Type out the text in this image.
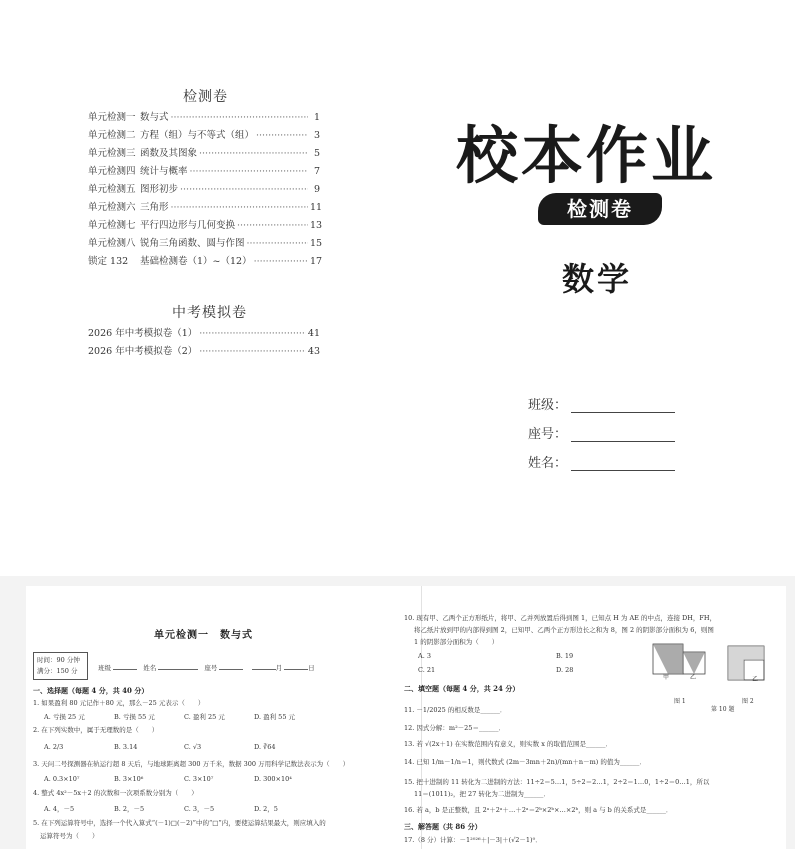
检测卷
单元检测一 数与式 ·····	1
单元检测二 方程（组）与不等式（组） ·····	3
单元检测三 函数及其图象 ·····	5
单元检测四 统计与概率 ·····	7
单元检测五 图形初步 ·····	9
单元检测六 三角形 ·····	11
单元检测七 平行四边形与几何变换 ·····	13
单元检测八 锐角三角函数、圆与作图 ·····	15
锁定 132	基础检测卷（1）~（12） ·····	17
中考模拟卷
2026 年中考模拟卷（1） ·····	41
2026 年中考模拟卷（2） ·····	43
校本作业
检测卷
数学
班级：
座号：
姓名：
单元检测一　数与式
时间：90 分钟
满分：150 分	班级	姓名	座号	月	日
一、选择题（每题 4 分，共 40 分）
1. 如果盈利 80 元记作＋80 元，那么－25 元表示（　　）
A. 亏损 25 元	B. 亏损 55 元	C. 盈利 25 元	D. 盈利 55 元
2. 在下列实数中，属于无理数的是（　　）
A. 2/3	B. 3.14	C. √3	D. ∛64
3. 天问二号探测器在轨运行超 8 天后，与地球距离超 300 万千米，数据 300 万用科学记数法表示为（　　）
A. 0.3×10⁷	B. 3×10⁶	C. 3×10⁷	D. 300×10⁴
4. 整式 4x²－5x＋2 的次数和一次项系数分别为（　　）
A. 4，－5	B. 2，－5	C. 3，－5	D. 2，5
5. 在下列运算符号中，选择一个代入算式“(－1)□(－2)”中的“□”内，要使运算结果最大，则应填入的
运算符号为（　　）
10. 现有甲、乙两个正方形纸片，将甲、乙并列放置后得到图 1，已知点 H 为 AE 的中点，连接 DH，FH，
将乙纸片放到甲的内部得到图 2，已知甲、乙两个正方形边长之和为 8，图 2 的阴影部分面积为 6，则图
1 的阴影部分面积为（　　）
A. 3	B. 19
C. 21	D. 28
甲	乙
图 1
乙
图 2
第 10 题
二、填空题（每题 4 分，共 24 分）
11. －1/2025 的相反数是______．
12. 因式分解：m²－25＝______．
13. 若 √(2x＋1) 在实数范围内有意义，则实数 x 的取值范围是______．
14. 已知 1/m－1/n＝1，则代数式 (2m－3mn＋2n)/(mn＋n－m) 的值为______．
15. 把十进制的 11 转化为二进制的方法：11÷2＝5…1，5÷2＝2…1，2÷2＝1…0，1÷2＝0…1，所以
11＝(1011)₂，把 27 转化为二进制为______．
16. 若 a，b 是正整数，且 2ᵃ＋2ᵃ＋…＋2ᵃ＝2ᵇ×2ᵇ×…×2ᵇ，则 a 与 b 的关系式是______．
三、解答题（共 86 分）
17.（8 分）计算：－1²⁰²⁶＋|－3|＋(√2－1)⁰．
